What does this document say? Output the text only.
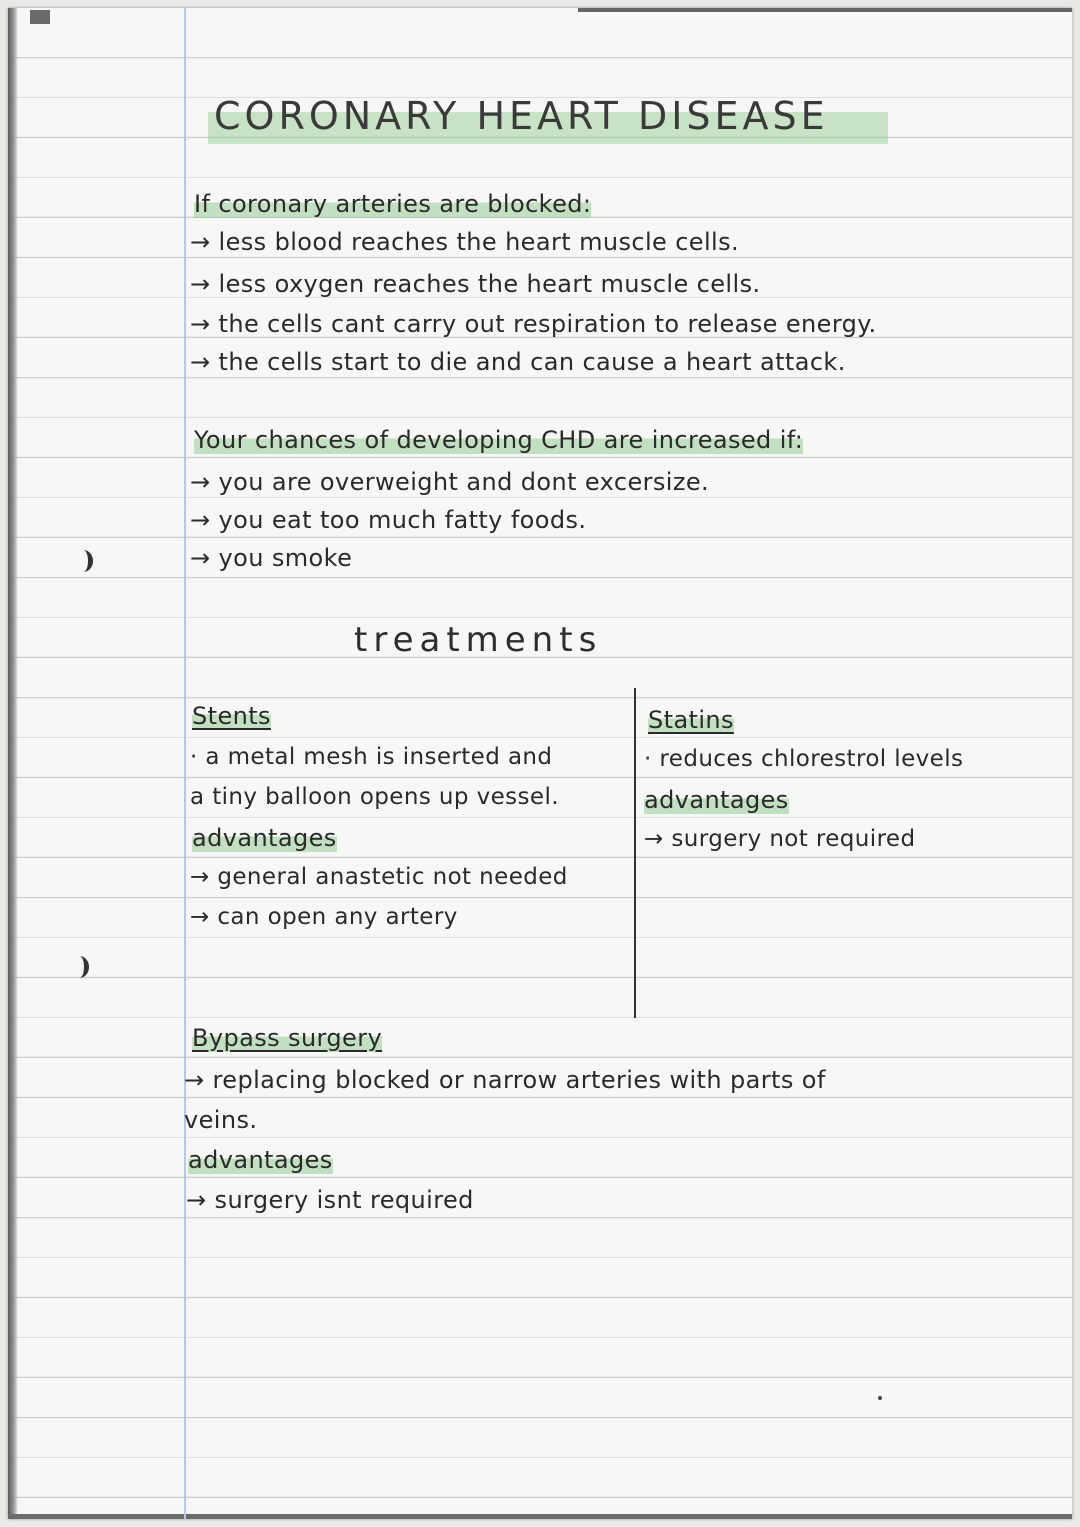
CORONARY HEART DISEASE
If coronary arteries are blocked:
→ less blood reaches the heart muscle cells.
→ less oxygen reaches the heart muscle cells.
→ the cells cant carry out respiration to release energy.
→ the cells start to die and can cause a heart attack.
Your chances of developing CHD are increased if:
→ you are overweight and dont excersize.
→ you eat too much fatty foods.
→ you smoke
treatments
Stents
· a metal mesh is inserted and
a tiny balloon opens up vessel.
advantages
→ general anastetic not needed
→ can open any artery
Statins
· reduces chlorestrol levels
advantages
→ surgery not required
Bypass surgery
→ replacing blocked or narrow arteries with parts of
veins.
advantages
→ surgery isnt required
